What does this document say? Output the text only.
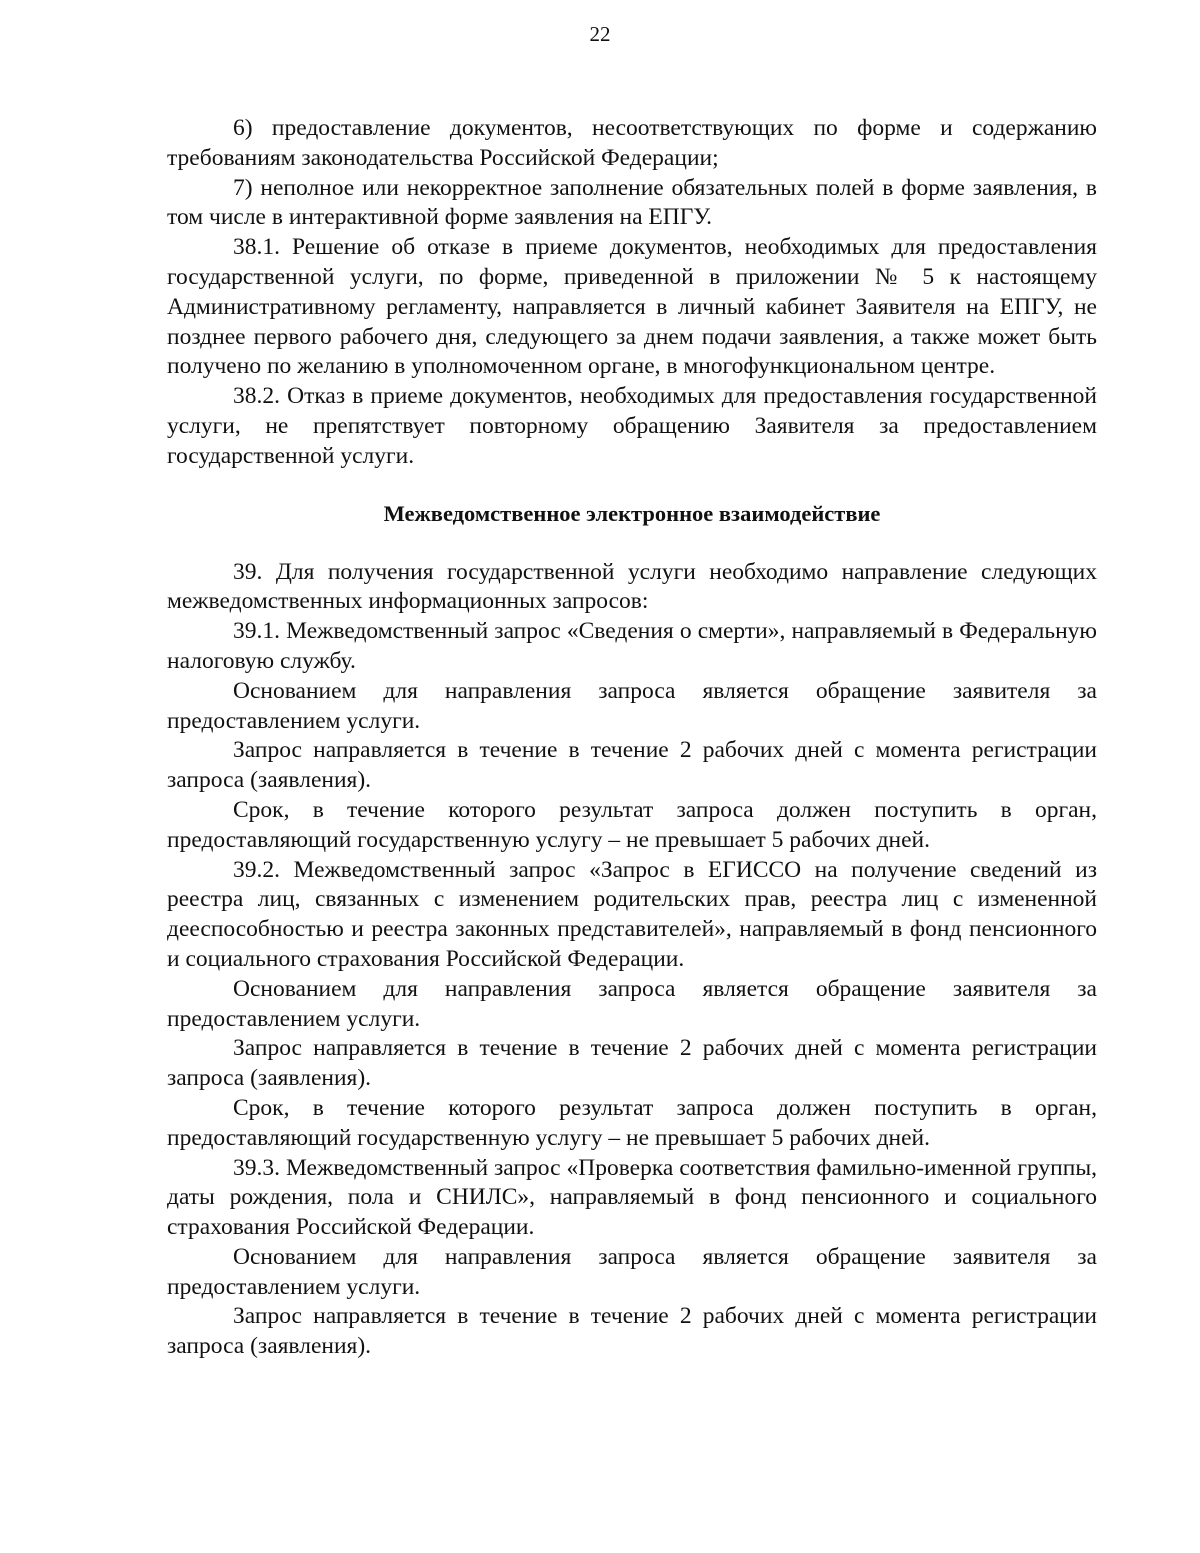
22

6) предоставление документов, несоответствующих по форме и содержанию требованиям законодательства Российской Федерации;

7) неполное или некорректное заполнение обязательных полей в форме заявления, в том числе в интерактивной форме заявления на ЕПГУ.

38.1. Решение об отказе в приеме документов, необходимых для предоставления государственной услуги, по форме, приведенной в приложении № 5 к настоящему Административному регламенту, направляется в личный кабинет Заявителя на ЕПГУ, не позднее первого рабочего дня, следующего за днем подачи заявления, а также может быть получено по желанию в уполномоченном органе, в многофункциональном центре.

38.2. Отказ в приеме документов, необходимых для предоставления государственной услуги, не препятствует повторному обращению Заявителя за предоставлением государственной услуги.

Межведомственное электронное взаимодействие

39. Для получения государственной услуги необходимо направление следующих межведомственных информационных запросов:

39.1. Межведомственный запрос «Сведения о смерти», направляемый в Федеральную налоговую службу.

Основанием для направления запроса является обращение заявителя за предоставлением услуги.

Запрос направляется в течение в течение 2 рабочих дней с момента регистрации запроса (заявления).

Срок, в течение которого результат запроса должен поступить в орган, предоставляющий государственную услугу – не превышает 5 рабочих дней.

39.2. Межведомственный запрос «Запрос в ЕГИССО на получение сведений из реестра лиц, связанных с изменением родительских прав, реестра лиц с измененной дееспособностью и реестра законных представителей», направляемый в фонд пенсионного и социального страхования Российской Федерации.

Основанием для направления запроса является обращение заявителя за предоставлением услуги.

Запрос направляется в течение в течение 2 рабочих дней с момента регистрации запроса (заявления).

Срок, в течение которого результат запроса должен поступить в орган, предоставляющий государственную услугу – не превышает 5 рабочих дней.

39.3. Межведомственный запрос «Проверка соответствия фамильно-именной группы, даты рождения, пола и СНИЛС», направляемый в фонд пенсионного и социального страхования Российской Федерации.

Основанием для направления запроса является обращение заявителя за предоставлением услуги.

Запрос направляется в течение в течение 2 рабочих дней с момента регистрации запроса (заявления).
